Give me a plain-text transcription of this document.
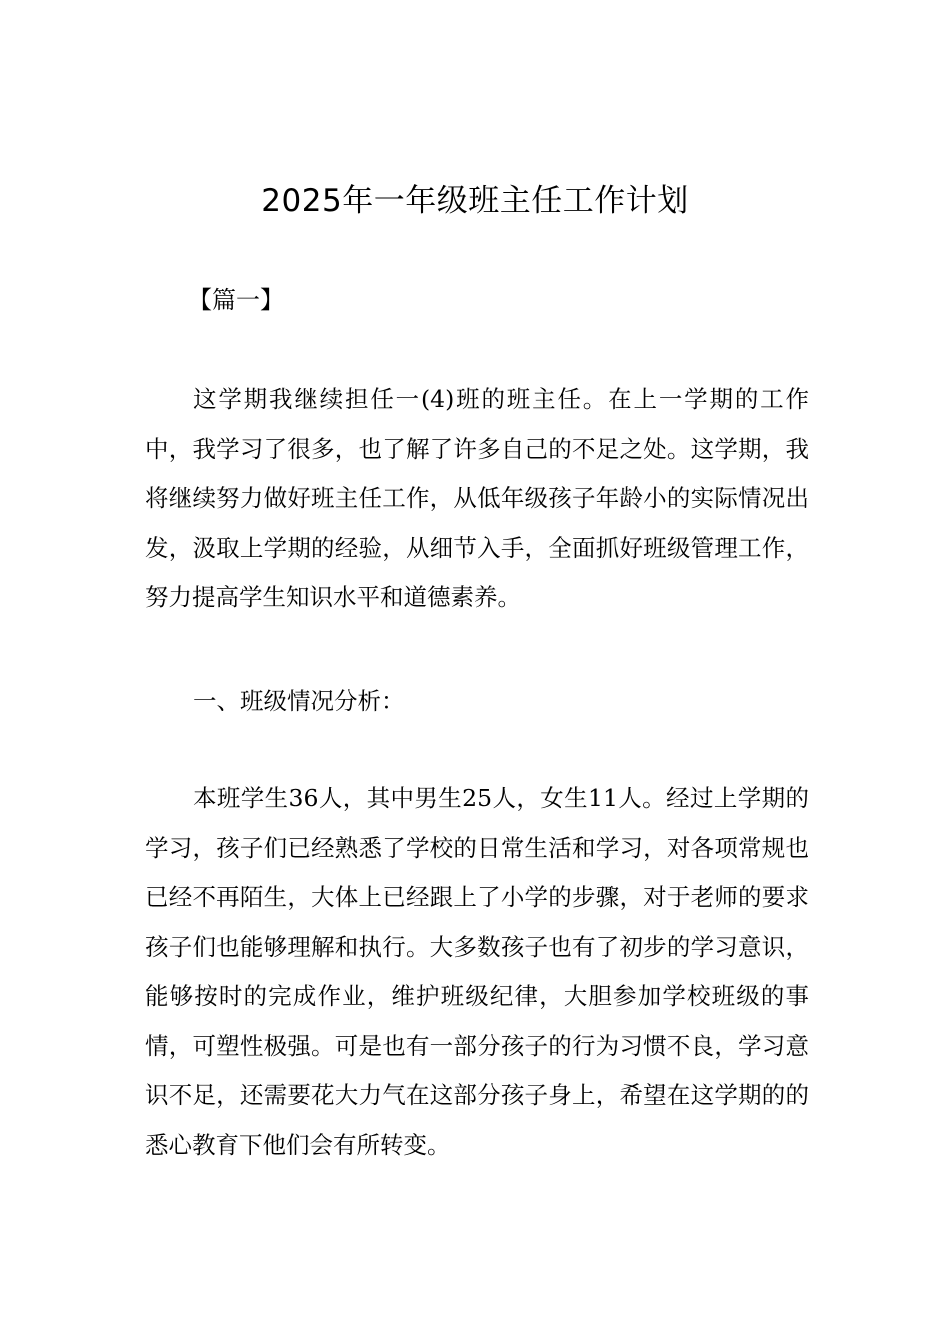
2025年一年级班主任工作计划
【篇一】

这学期我继续担任一(4)班的班主任。在上一学期的工作中，我学习了很多，也了解了许多自己的不足之处。这学期，我将继续努力做好班主任工作，从低年级孩子年龄小的实际情况出发，汲取上学期的经验，从细节入手，全面抓好班级管理工作，努力提高学生知识水平和道德素养。

一、班级情况分析：

本班学生36人，其中男生25人，女生11人。经过上学期的学习，孩子们已经熟悉了学校的日常生活和学习，对各项常规也已经不再陌生，大体上已经跟上了小学的步骤，对于老师的要求孩子们也能够理解和执行。大多数孩子也有了初步的学习意识，能够按时的完成作业，维护班级纪律，大胆参加学校班级的事情，可塑性极强。可是也有一部分孩子的行为习惯不良，学习意识不足，还需要花大力气在这部分孩子身上，希望在这学期的的悉心教育下他们会有所转变。
